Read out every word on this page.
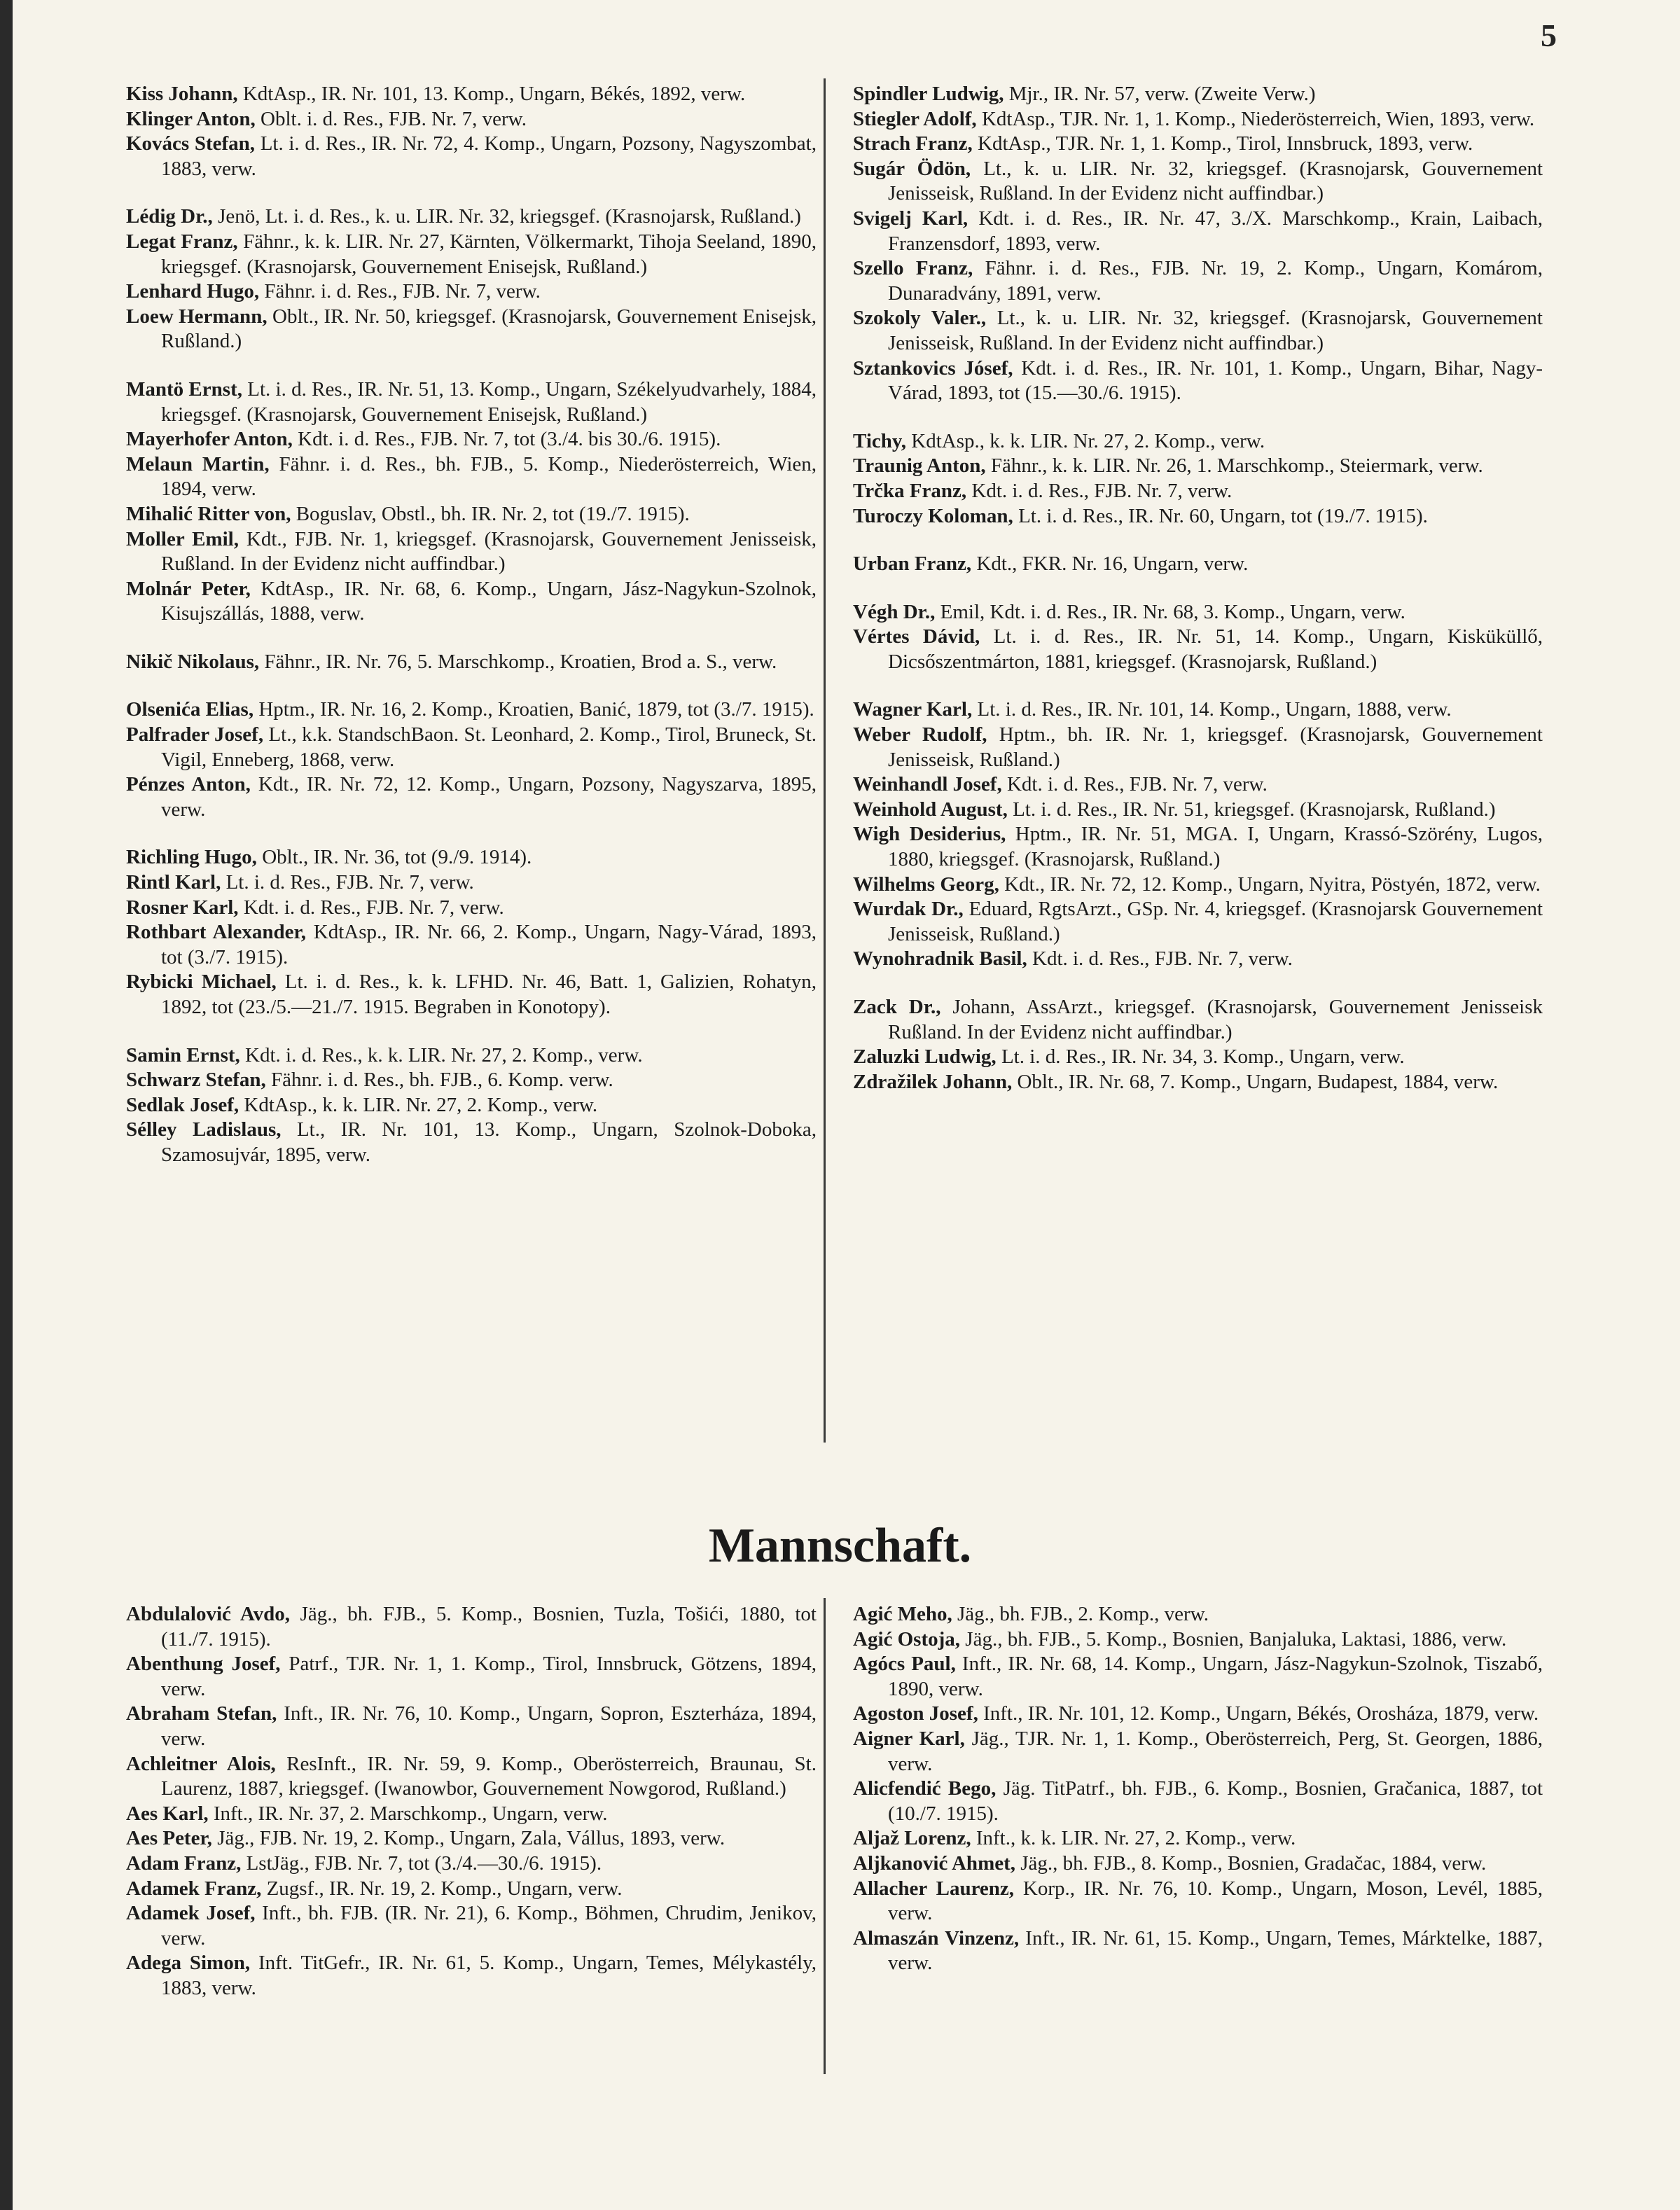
5

Kiss Johann, KdtAsp., IR. Nr. 101, 13. Komp., Ungarn, Békés, 1892, verw.

Klinger Anton, Oblt. i. d. Res., FJB. Nr. 7, verw.

Kovács Stefan, Lt. i. d. Res., IR. Nr. 72, 4. Komp., Ungarn, Pozsony, Nagyszombat, 1883, verw.

Lédig Dr., Jenö, Lt. i. d. Res., k. u. LIR. Nr. 32, kriegsgef. (Krasnojarsk, Rußland.)

Legat Franz, Fähnr., k. k. LIR. Nr. 27, Kärnten, Völkermarkt, Tihoja Seeland, 1890, kriegsgef. (Krasnojarsk, Gouvernement Enisejsk, Rußland.)

Lenhard Hugo, Fähnr. i. d. Res., FJB. Nr. 7, verw.

Loew Hermann, Oblt., IR. Nr. 50, kriegsgef. (Krasnojarsk, Gouvernement Enisejsk, Rußland.)

Mantö Ernst, Lt. i. d. Res., IR. Nr. 51, 13. Komp., Ungarn, Székelyudvarhely, 1884, kriegsgef. (Krasnojarsk, Gouvernement Enisejsk, Rußland.)

Mayerhofer Anton, Kdt. i. d. Res., FJB. Nr. 7, tot (3./4. bis 30./6. 1915).

Melaun Martin, Fähnr. i. d. Res., bh. FJB., 5. Komp., Niederösterreich, Wien, 1894, verw.

Mihalić Ritter von, Boguslav, Obstl., bh. IR. Nr. 2, tot (19./7. 1915).

Moller Emil, Kdt., FJB. Nr. 1, kriegsgef. (Krasnojarsk, Gouvernement Jenisseisk, Rußland. In der Evidenz nicht auffindbar.)

Molnár Peter, KdtAsp., IR. Nr. 68, 6. Komp., Ungarn, Jász-Nagykun-Szolnok, Kisujszállás, 1888, verw.

Nikič Nikolaus, Fähnr., IR. Nr. 76, 5. Marschkomp., Kroatien, Brod a. S., verw.

Olsenića Elias, Hptm., IR. Nr. 16, 2. Komp., Kroatien, Banić, 1879, tot (3./7. 1915).

Palfrader Josef, Lt., k.k. StandschBaon. St. Leonhard, 2. Komp., Tirol, Bruneck, St. Vigil, Enneberg, 1868, verw.

Pénzes Anton, Kdt., IR. Nr. 72, 12. Komp., Ungarn, Pozsony, Nagyszarva, 1895, verw.

Richling Hugo, Oblt., IR. Nr. 36, tot (9./9. 1914).

Rintl Karl, Lt. i. d. Res., FJB. Nr. 7, verw.

Rosner Karl, Kdt. i. d. Res., FJB. Nr. 7, verw.

Rothbart Alexander, KdtAsp., IR. Nr. 66, 2. Komp., Ungarn, Nagy-Várad, 1893, tot (3./7. 1915).

Rybicki Michael, Lt. i. d. Res., k. k. LFHD. Nr. 46, Batt. 1, Galizien, Rohatyn, 1892, tot (23./5.—21./7. 1915. Begraben in Konotopy).

Samin Ernst, Kdt. i. d. Res., k. k. LIR. Nr. 27, 2. Komp., verw.

Schwarz Stefan, Fähnr. i. d. Res., bh. FJB., 6. Komp. verw.

Sedlak Josef, KdtAsp., k. k. LIR. Nr. 27, 2. Komp., verw.

Sélley Ladislaus, Lt., IR. Nr. 101, 13. Komp., Ungarn, Szolnok-Doboka, Szamosujvár, 1895, verw.

Spindler Ludwig, Mjr., IR. Nr. 57, verw. (Zweite Verw.)

Stiegler Adolf, KdtAsp., TJR. Nr. 1, 1. Komp., Niederösterreich, Wien, 1893, verw.

Strach Franz, KdtAsp., TJR. Nr. 1, 1. Komp., Tirol, Innsbruck, 1893, verw.

Sugár Ödön, Lt., k. u. LIR. Nr. 32, kriegsgef. (Krasnojarsk, Gouvernement Jenisseisk, Rußland. In der Evidenz nicht auffindbar.)

Svigelj Karl, Kdt. i. d. Res., IR. Nr. 47, 3./X. Marschkomp., Krain, Laibach, Franzensdorf, 1893, verw.

Szello Franz, Fähnr. i. d. Res., FJB. Nr. 19, 2. Komp., Ungarn, Komárom, Dunaradvány, 1891, verw.

Szokoly Valer., Lt., k. u. LIR. Nr. 32, kriegsgef. (Krasnojarsk, Gouvernement Jenisseisk, Rußland. In der Evidenz nicht auffindbar.)

Sztankovics Jósef, Kdt. i. d. Res., IR. Nr. 101, 1. Komp., Ungarn, Bihar, Nagy-Várad, 1893, tot (15.—30./6. 1915).

Tichy, KdtAsp., k. k. LIR. Nr. 27, 2. Komp., verw.

Traunig Anton, Fähnr., k. k. LIR. Nr. 26, 1. Marschkomp., Steiermark, verw.

Trčka Franz, Kdt. i. d. Res., FJB. Nr. 7, verw.

Turoczy Koloman, Lt. i. d. Res., IR. Nr. 60, Ungarn, tot (19./7. 1915).

Urban Franz, Kdt., FKR. Nr. 16, Ungarn, verw.

Végh Dr., Emil, Kdt. i. d. Res., IR. Nr. 68, 3. Komp., Ungarn, verw.

Vértes Dávid, Lt. i. d. Res., IR. Nr. 51, 14. Komp., Ungarn, Kisküküllő, Dicsőszentmárton, 1881, kriegsgef. (Krasnojarsk, Rußland.)

Wagner Karl, Lt. i. d. Res., IR. Nr. 101, 14. Komp., Ungarn, 1888, verw.

Weber Rudolf, Hptm., bh. IR. Nr. 1, kriegsgef. (Krasnojarsk, Gouvernement Jenisseisk, Rußland.)

Weinhandl Josef, Kdt. i. d. Res., FJB. Nr. 7, verw.

Weinhold August, Lt. i. d. Res., IR. Nr. 51, kriegsgef. (Krasnojarsk, Rußland.)

Wigh Desiderius, Hptm., IR. Nr. 51, MGA. I, Ungarn, Krassó-Szörény, Lugos, 1880, kriegsgef. (Krasnojarsk, Rußland.)

Wilhelms Georg, Kdt., IR. Nr. 72, 12. Komp., Ungarn, Nyitra, Pöstyén, 1872, verw.

Wurdak Dr., Eduard, RgtsArzt., GSp. Nr. 4, kriegsgef. (Krasnojarsk Gouvernement Jenisseisk, Rußland.)

Wynohradnik Basil, Kdt. i. d. Res., FJB. Nr. 7, verw.

Zack Dr., Johann, AssArzt., kriegsgef. (Krasnojarsk, Gouvernement Jenisseisk Rußland. In der Evidenz nicht auffindbar.)

Zaluzki Ludwig, Lt. i. d. Res., IR. Nr. 34, 3. Komp., Ungarn, verw.

Zdražilek Johann, Oblt., IR. Nr. 68, 7. Komp., Ungarn, Budapest, 1884, verw.

Mannschaft.

Abdulalović Avdo, Jäg., bh. FJB., 5. Komp., Bosnien, Tuzla, Tošići, 1880, tot (11./7. 1915).

Abenthung Josef, Patrf., TJR. Nr. 1, 1. Komp., Tirol, Innsbruck, Götzens, 1894, verw.

Abraham Stefan, Inft., IR. Nr. 76, 10. Komp., Ungarn, Sopron, Eszterháza, 1894, verw.

Achleitner Alois, ResInft., IR. Nr. 59, 9. Komp., Oberösterreich, Braunau, St. Laurenz, 1887, kriegsgef. (Iwanowbor, Gouvernement Nowgorod, Rußland.)

Aes Karl, Inft., IR. Nr. 37, 2. Marschkomp., Ungarn, verw.

Aes Peter, Jäg., FJB. Nr. 19, 2. Komp., Ungarn, Zala, Vállus, 1893, verw.

Adam Franz, LstJäg., FJB. Nr. 7, tot (3./4.—30./6. 1915).

Adamek Franz, Zugsf., IR. Nr. 19, 2. Komp., Ungarn, verw.

Adamek Josef, Inft., bh. FJB. (IR. Nr. 21), 6. Komp., Böhmen, Chrudim, Jenikov, verw.

Adega Simon, Inft. TitGefr., IR. Nr. 61, 5. Komp., Ungarn, Temes, Mélykastély, 1883, verw.

Agić Meho, Jäg., bh. FJB., 2. Komp., verw.

Agić Ostoja, Jäg., bh. FJB., 5. Komp., Bosnien, Banjaluka, Laktasi, 1886, verw.

Agócs Paul, Inft., IR. Nr. 68, 14. Komp., Ungarn, Jász-Nagykun-Szolnok, Tiszabő, 1890, verw.

Agoston Josef, Inft., IR. Nr. 101, 12. Komp., Ungarn, Békés, Orosháza, 1879, verw.

Aigner Karl, Jäg., TJR. Nr. 1, 1. Komp., Oberösterreich, Perg, St. Georgen, 1886, verw.

Alicfendić Bego, Jäg. TitPatrf., bh. FJB., 6. Komp., Bosnien, Gračanica, 1887, tot (10./7. 1915).

Aljaž Lorenz, Inft., k. k. LIR. Nr. 27, 2. Komp., verw.

Aljkanović Ahmet, Jäg., bh. FJB., 8. Komp., Bosnien, Gradačac, 1884, verw.

Allacher Laurenz, Korp., IR. Nr. 76, 10. Komp., Ungarn, Moson, Levél, 1885, verw.

Almaszán Vinzenz, Inft., IR. Nr. 61, 15. Komp., Ungarn, Temes, Márktelke, 1887, verw.
